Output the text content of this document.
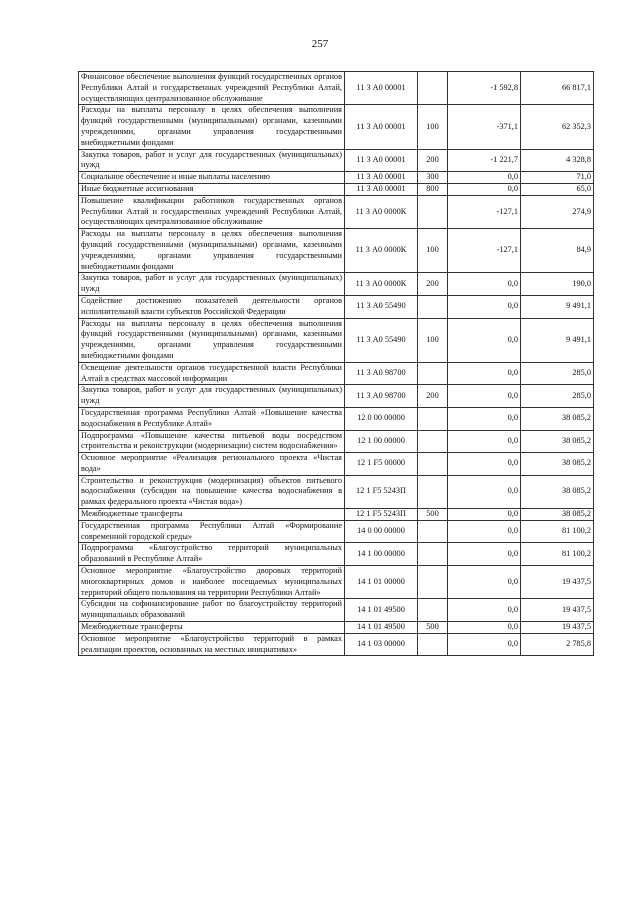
257
Финансовое обеспечение выполнения функций государственных органов Республики Алтай и государственных учреждений Республики Алтай, осуществляющих централизованное обслуживание	11 3 А0 00001		-1 592,8	66 817,1
Расходы на выплаты персоналу в целях обеспечения выполнения функций государственными (муниципальными) органами, казенными учреждениями, органами управления государственными внебюджетными фондами	11 3 А0 00001	100	-371,1	62 352,3
Закупка товаров, работ и услуг для государственных (муниципальных) нужд	11 3 А0 00001	200	-1 221,7	4 328,8
Социальное обеспечение и иные выплаты населению	11 3 А0 00001	300	0,0	71,0
Иные бюджетные ассигнования	11 3 А0 00001	800	0,0	65,0
Повышение квалификации работников государственных органов Республики Алтай и государственных учреждений Республики Алтай, осуществляющих централизованное обслуживание	11 3 А0 0000К		-127,1	274,9
Расходы на выплаты персоналу в целях обеспечения выполнения функций государственными (муниципальными) органами, казенными учреждениями, органами управления государственными внебюджетными фондами	11 3 А0 0000К	100	-127,1	84,9
Закупка товаров, работ и услуг для государственных (муниципальных) нужд	11 3 А0 0000К	200	0,0	190,0
Содействие достижению показателей деятельности органов исполнительной власти субъектов Российской Федерации	11 3 А0 55490		0,0	9 491,1
Расходы на выплаты персоналу в целях обеспечения выполнения функций государственными (муниципальными) органами, казенными учреждениями, органами управления государственными внебюджетными фондами	11 3 А0 55490	100	0,0	9 491,1
Освещение деятельности органов государственной власти Республики Алтай в средствах массовой информации	11 3 А0 98700		0,0	285,0
Закупка товаров, работ и услуг для государственных (муниципальных) нужд	11 3 А0 98700	200	0,0	285,0
Государственная программа Республики Алтай «Повышение качества водоснабжения в Республике Алтай»	12 0 00 00000		0,0	38 085,2
Подпрограмма «Повышение качества питьевой воды посредством строительства и реконструкции (модернизации) систем водоснабжения»	12 1 00 00000		0,0	38 085,2
Основное мероприятие «Реализация регионального проекта «Чистая вода»	12 1 F5 00000		0,0	38 085,2
Строительство и реконструкция (модернизация) объектов питьевого водоснабжения (субсидии на повышение качества водоснабжения в рамках федерального проекта «Чистая вода»)	12 1 F5 5243П		0,0	38 085,2
Межбюджетные трансферты	12 1 F5 5243П	500	0,0	38 085,2
Государственная программа Республики Алтай «Формирование современной городской среды»	14 0 00 00000		0,0	81 100,2
Подпрограмма «Благоустройство территорий муниципальных образований в Республике Алтай»	14 1 00 00000		0,0	81 100,2
Основное мероприятие «Благоустройство дворовых территорий многоквартирных домов и наиболее посещаемых муниципальных территорий общего пользования на территории Республики Алтай»	14 1 01 00000		0,0	19 437,5
Субсидии на софинансирование работ по благоустройству территорий муниципальных образований	14 1 01 49500		0,0	19 437,5
Межбюджетные трансферты	14 1 01 49500	500	0,0	19 437,5
Основное мероприятие «Благоустройство территорий в рамках реализации проектов, основанных на местных инициативах»	14 1 03 00000		0,0	2 785,8
